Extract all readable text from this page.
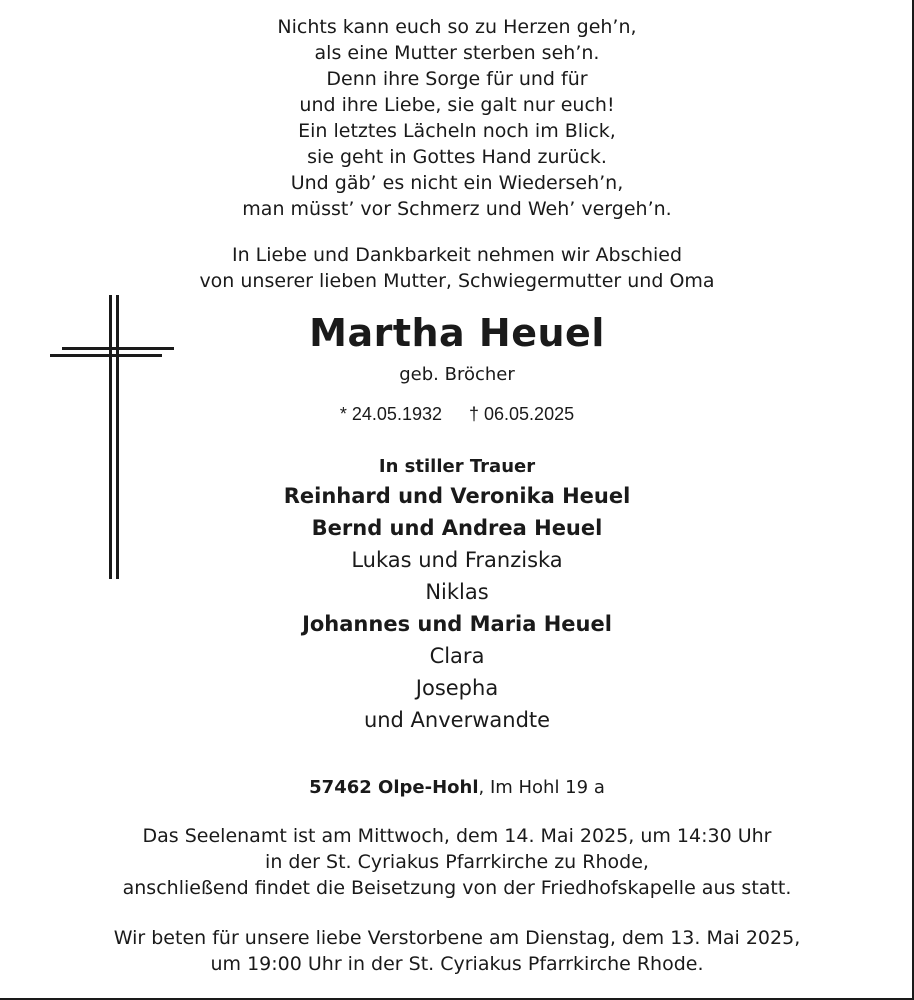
Nichts kann euch so zu Herzen geh’n,
als eine Mutter sterben seh’n.
Denn ihre Sorge für und für
und ihre Liebe, sie galt nur euch!
Ein letztes Lächeln noch im Blick,
sie geht in Gottes Hand zurück.
Und gäb’ es nicht ein Wiederseh’n,
man müsst’ vor Schmerz und Weh’ vergeh’n.
In Liebe und Dankbarkeit nehmen wir Abschied
von unserer lieben Mutter, Schwiegermutter und Oma
Martha Heuel
geb. Bröcher
* 24.05.1932 † 06.05.2025
In stiller Trauer
Reinhard und Veronika Heuel
Bernd und Andrea Heuel
Lukas und Franziska
Niklas
Johannes und Maria Heuel
Clara
Josepha
und Anverwandte
57462 Olpe-Hohl, Im Hohl 19 a
Das Seelenamt ist am Mittwoch, dem 14. Mai 2025, um 14:30 Uhr
in der St. Cyriakus Pfarrkirche zu Rhode,
anschließend findet die Beisetzung von der Friedhofskapelle aus statt.
Wir beten für unsere liebe Verstorbene am Dienstag, dem 13. Mai 2025,
um 19:00 Uhr in der St. Cyriakus Pfarrkirche Rhode.
